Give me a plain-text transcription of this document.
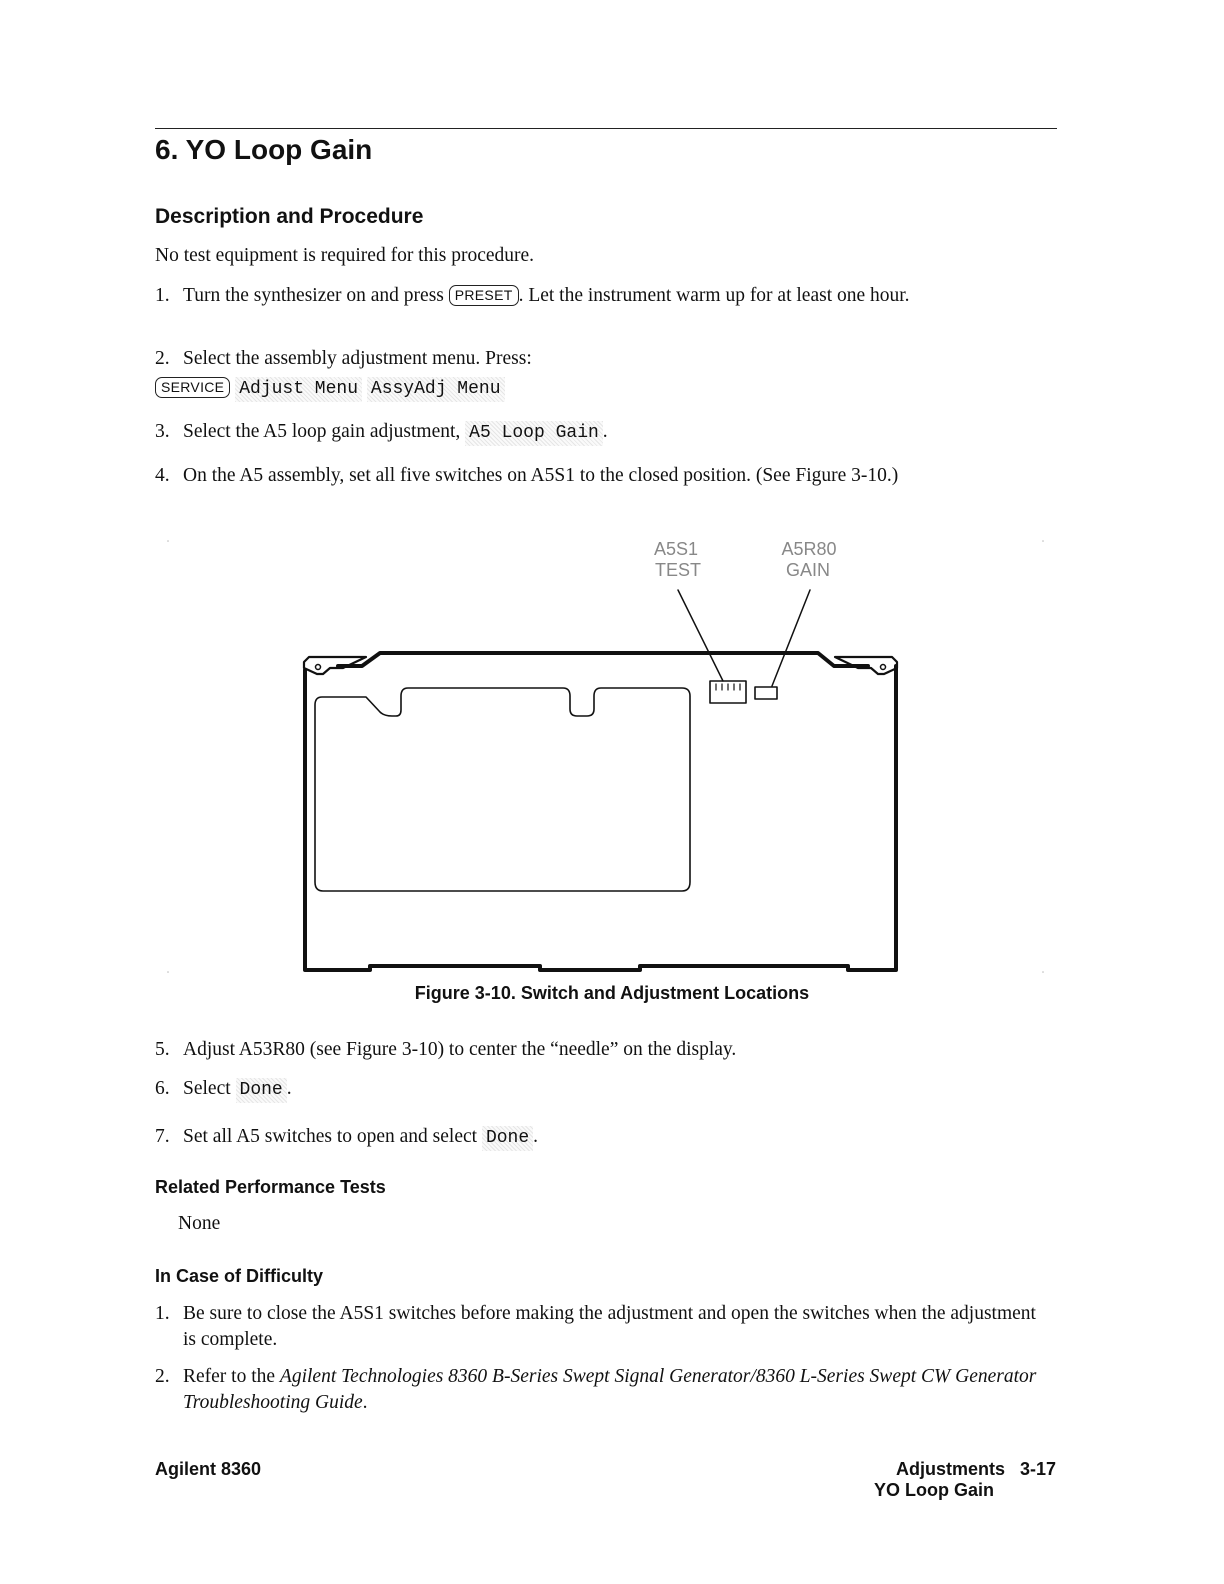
6. YO Loop Gain
Description and Procedure

No test equipment is required for this procedure.

1. Turn the synthesizer on and press PRESET . Let the instrument warm up for at least one hour.
2. Select the assembly adjustment menu. Press:
SERVICE Adjust Menu AssyAdj Menu
3. Select the A5 loop gain adjustment, A5 Loop Gain .
4. On the A5 assembly, set all five switches on A5S1 to the closed position. (See Figure 3-10.)
A5S1
TEST
A5R80
GAIN
Figure 3-10. Switch and Adjustment Locations
5. Adjust A53R80 (see Figure 3-10) to center the “needle” on the display.
6. Select Done .
7. Set all A5 switches to open and select Done .
Related Performance Tests
None
In Case of Difficulty
1. Be sure to close the A5S1 switches before making the adjustment and open the switches when the adjustment is complete.
2. Refer to the Agilent Technologies 8360 B-Series Swept Signal Generator/8360 L-Series Swept CW Generator Troubleshooting Guide.
Agilent 8360	Adjustments   3-17
YO Loop Gain
